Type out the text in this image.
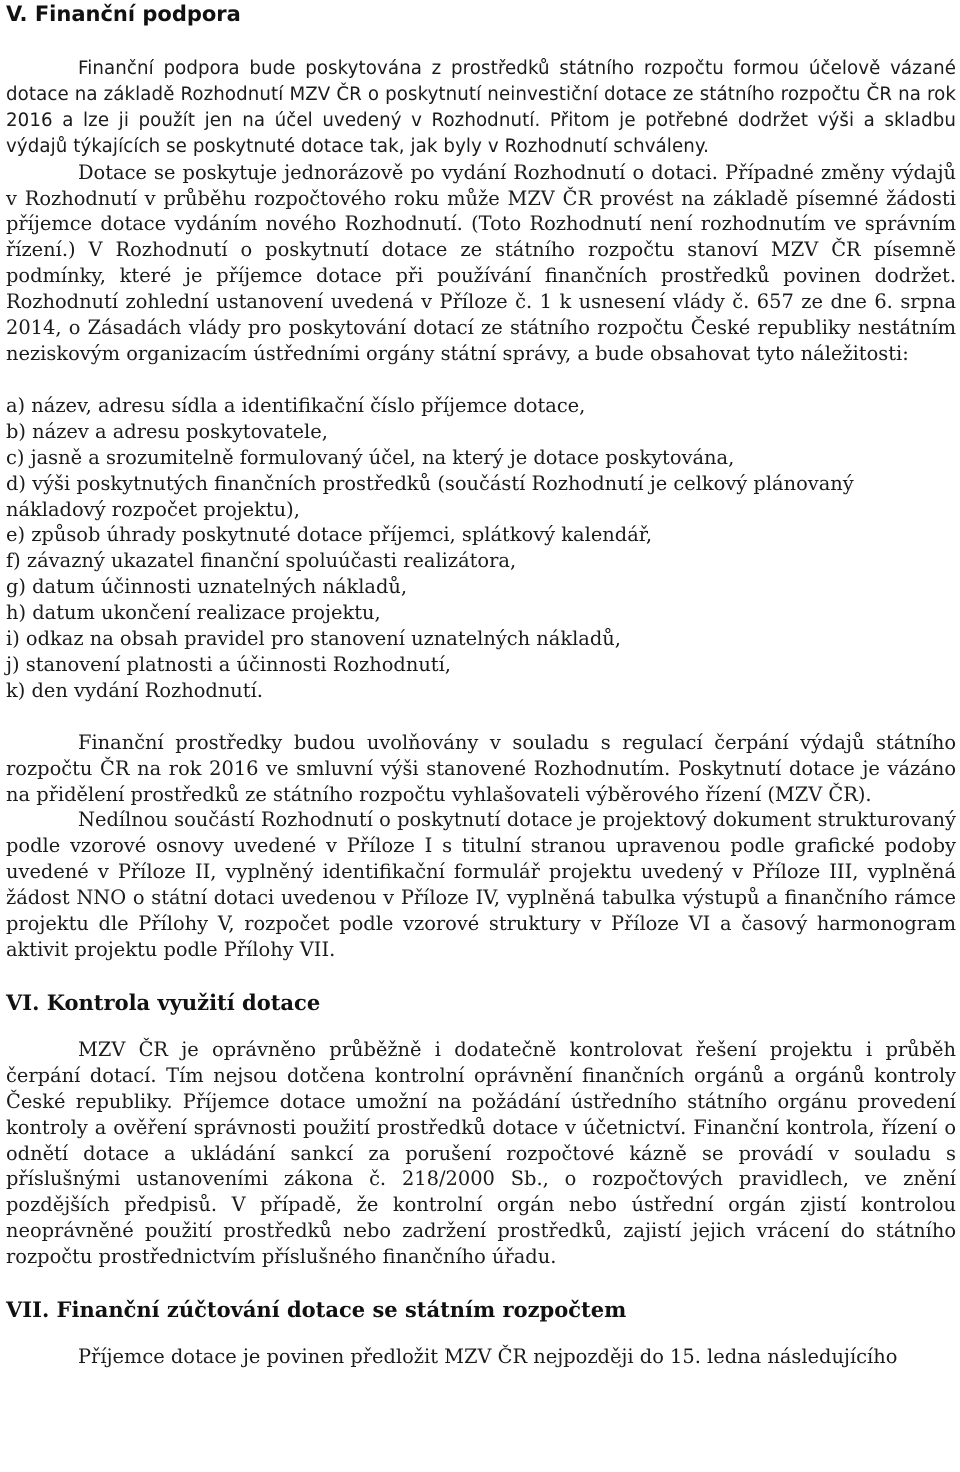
V. Finanční podpora

Finanční podpora bude poskytována z prostředků státního rozpočtu formou účelově vázané dotace na základě Rozhodnutí MZV ČR o poskytnutí neinvestiční dotace ze státního rozpočtu ČR na rok 2016 a lze ji použít jen na účel uvedený v Rozhodnutí. Přitom je potřebné dodržet výši a skladbu výdajů týkajících se poskytnuté dotace tak, jak byly v Rozhodnutí schváleny.

Dotace se poskytuje jednorázově po vydání Rozhodnutí o dotaci. Případné změny výdajů v Rozhodnutí v průběhu rozpočtového roku může MZV ČR provést na základě písemné žádosti příjemce dotace vydáním nového Rozhodnutí. (Toto Rozhodnutí není rozhodnutím ve správním řízení.) V Rozhodnutí o poskytnutí dotace ze státního rozpočtu stanoví MZV ČR písemně podmínky, které je příjemce dotace při používání finančních prostředků povinen dodržet. Rozhodnutí zohlední ustanovení uvedená v Příloze č. 1 k usnesení vlády č. 657 ze dne 6. srpna 2014, o Zásadách vlády pro poskytování dotací ze státního rozpočtu České republiky nestátním neziskovým organizacím ústředními orgány státní správy, a bude obsahovat tyto náležitosti:

a) název, adresu sídla a identifikační číslo příjemce dotace,
b) název a adresu poskytovatele,
c) jasně a srozumitelně formulovaný účel, na který je dotace poskytována,
d) výši poskytnutých finančních prostředků (součástí Rozhodnutí je celkový plánovaný nákladový rozpočet projektu),
e) způsob úhrady poskytnuté dotace příjemci, splátkový kalendář,
f) závazný ukazatel finanční spoluúčasti realizátora,
g) datum účinnosti uznatelných nákladů,
h) datum ukončení realizace projektu,
i) odkaz na obsah pravidel pro stanovení uznatelných nákladů,
j) stanovení platnosti a účinnosti Rozhodnutí,
k) den vydání Rozhodnutí.

Finanční prostředky budou uvolňovány v souladu s regulací čerpání výdajů státního rozpočtu ČR na rok 2016 ve smluvní výši stanovené Rozhodnutím. Poskytnutí dotace je vázáno na přidělení prostředků ze státního rozpočtu vyhlašovateli výběrového řízení (MZV ČR).

Nedílnou součástí Rozhodnutí o poskytnutí dotace je projektový dokument strukturovaný podle vzorové osnovy uvedené v Příloze I s titulní stranou upravenou podle grafické podoby uvedené v Příloze II, vyplněný identifikační formulář projektu uvedený v Příloze III, vyplněná žádost NNO o státní dotaci uvedenou v Příloze IV, vyplněná tabulka výstupů a finančního rámce projektu dle Přílohy V, rozpočet podle vzorové struktury v Příloze VI a časový harmonogram aktivit projektu podle Přílohy VII.

VI. Kontrola využití dotace

MZV ČR je oprávněno průběžně i dodatečně kontrolovat řešení projektu i průběh čerpání dotací. Tím nejsou dotčena kontrolní oprávnění finančních orgánů a orgánů kontroly České republiky. Příjemce dotace umožní na požádání ústředního státního orgánu provedení kontroly a ověření správnosti použití prostředků dotace v účetnictví. Finanční kontrola, řízení o odnětí dotace a ukládání sankcí za porušení rozpočtové kázně se provádí v souladu s příslušnými ustanoveními zákona č. 218/2000 Sb., o rozpočtových pravidlech, ve znění pozdějších předpisů. V případě, že kontrolní orgán nebo ústřední orgán zjistí kontrolou neoprávněné použití prostředků nebo zadržení prostředků, zajistí jejich vrácení do státního rozpočtu prostřednictvím příslušného finančního úřadu.

VII. Finanční zúčtování dotace se státním rozpočtem

Příjemce dotace je povinen předložit MZV ČR nejpozději do 15. ledna následujícího
